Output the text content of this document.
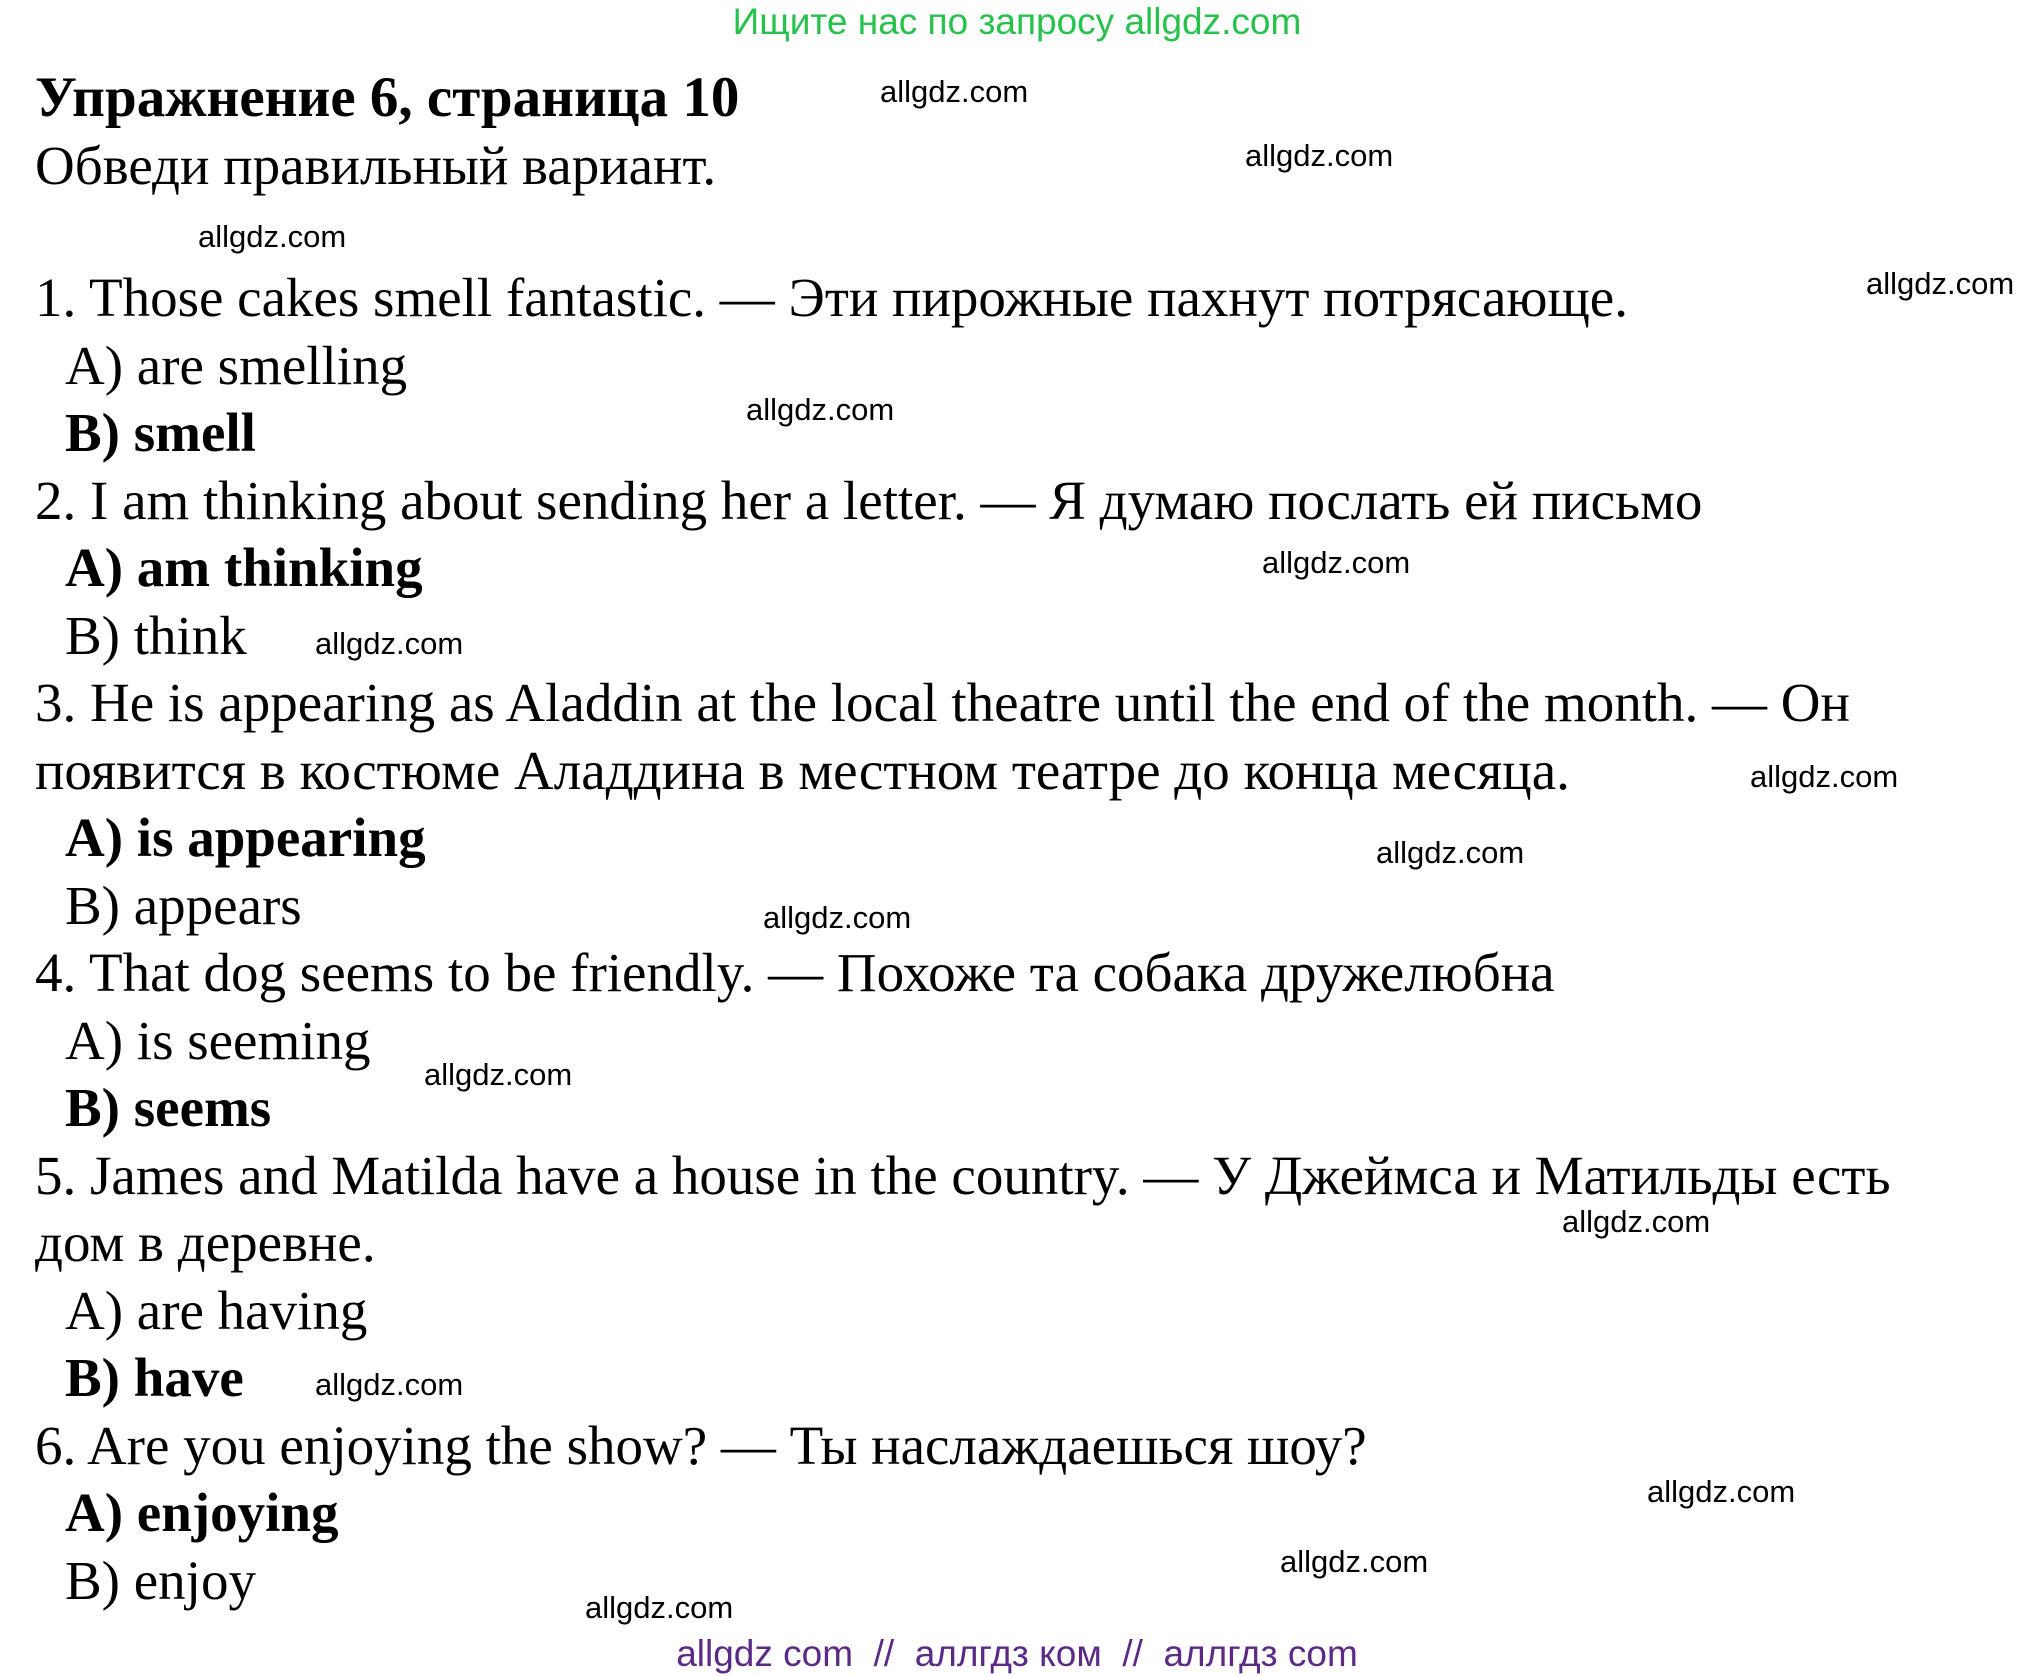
Ищите нас по запросу allgdz.com
Упражнение 6, страница 10
Обведи правильный вариант.
1. Those cakes smell fantastic. — Эти пирожные пахнут потрясающе.
A) are smelling
B) smell
2. I am thinking about sending her a letter. — Я думаю послать ей письмо
A) am thinking
B) think
3. He is appearing as Aladdin at the local theatre until the end of the month. — Он
появится в костюме Аладдина в местном театре до конца месяца.
A) is appearing
B) appears
4. That dog seems to be friendly. — Похоже та собака дружелюбна
A) is seeming
B) seems
5. James and Matilda have a house in the country. — У Джеймса и Матильды есть
дом в деревне.
A) are having
B) have
6. Are you enjoying the show? — Ты наслаждаешься шоу?
A) enjoying
B) enjoy
allgdz.com
allgdz.com
allgdz.com
allgdz.com
allgdz.com
allgdz.com
allgdz.com
allgdz.com
allgdz.com
allgdz.com
allgdz.com
allgdz.com
allgdz.com
allgdz.com
allgdz.com
allgdz.com
allgdz com  //  аллгдз ком  //  аллгдз com
